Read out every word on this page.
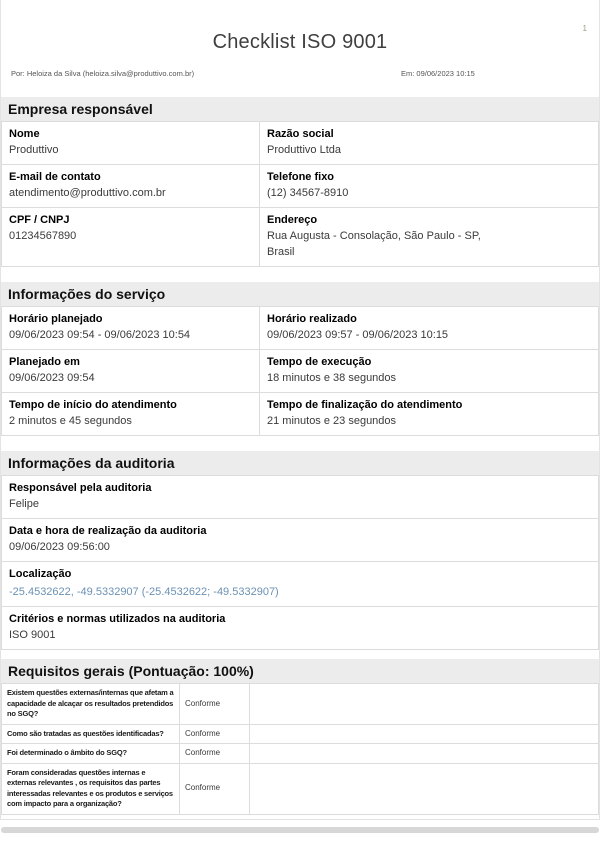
1
Checklist ISO 9001
Por: Heloiza da Silva (heloiza.silva@produttivo.com.br)	Em: 09/06/2023 10:15
Empresa responsável
Nome
Produttivo

Razão social
Produttivo Ltda

E-mail de contato
atendimento@produttivo.com.br

Telefone fixo
(12) 34567-8910

CPF / CNPJ
01234567890

Endereço
Rua Augusta - Consolação, São Paulo - SP, Brasil
Informações do serviço
Horário planejado
09/06/2023 09:54 - 09/06/2023 10:54

Horário realizado
09/06/2023 09:57 - 09/06/2023 10:15

Planejado em
09/06/2023 09:54

Tempo de execução
18 minutos e 38 segundos

Tempo de início do atendimento
2 minutos e 45 segundos

Tempo de finalização do atendimento
21 minutos e 23 segundos
Informações da auditoria
Responsável pela auditoria
Felipe

Data e hora de realização da auditoria
09/06/2023 09:56:00

Localização
-25.4532622, -49.5332907 (-25.4532622; -49.5332907)

Critérios e normas utilizados na auditoria
ISO 9001
Requisitos gerais (Pontuação: 100%)
Existem questões externas/internas que afetam a capacidade de alcaçar os resultados pretendidos no SGQ?	Conforme	

Como são tratadas as questões identificadas?	Conforme	

Foi determinado o âmbito do SGQ?	Conforme	

Foram consideradas questões internas e externas relevantes , os requisitos das partes interessadas relevantes e os produtos e serviços com impacto para a organização?	Conforme	
